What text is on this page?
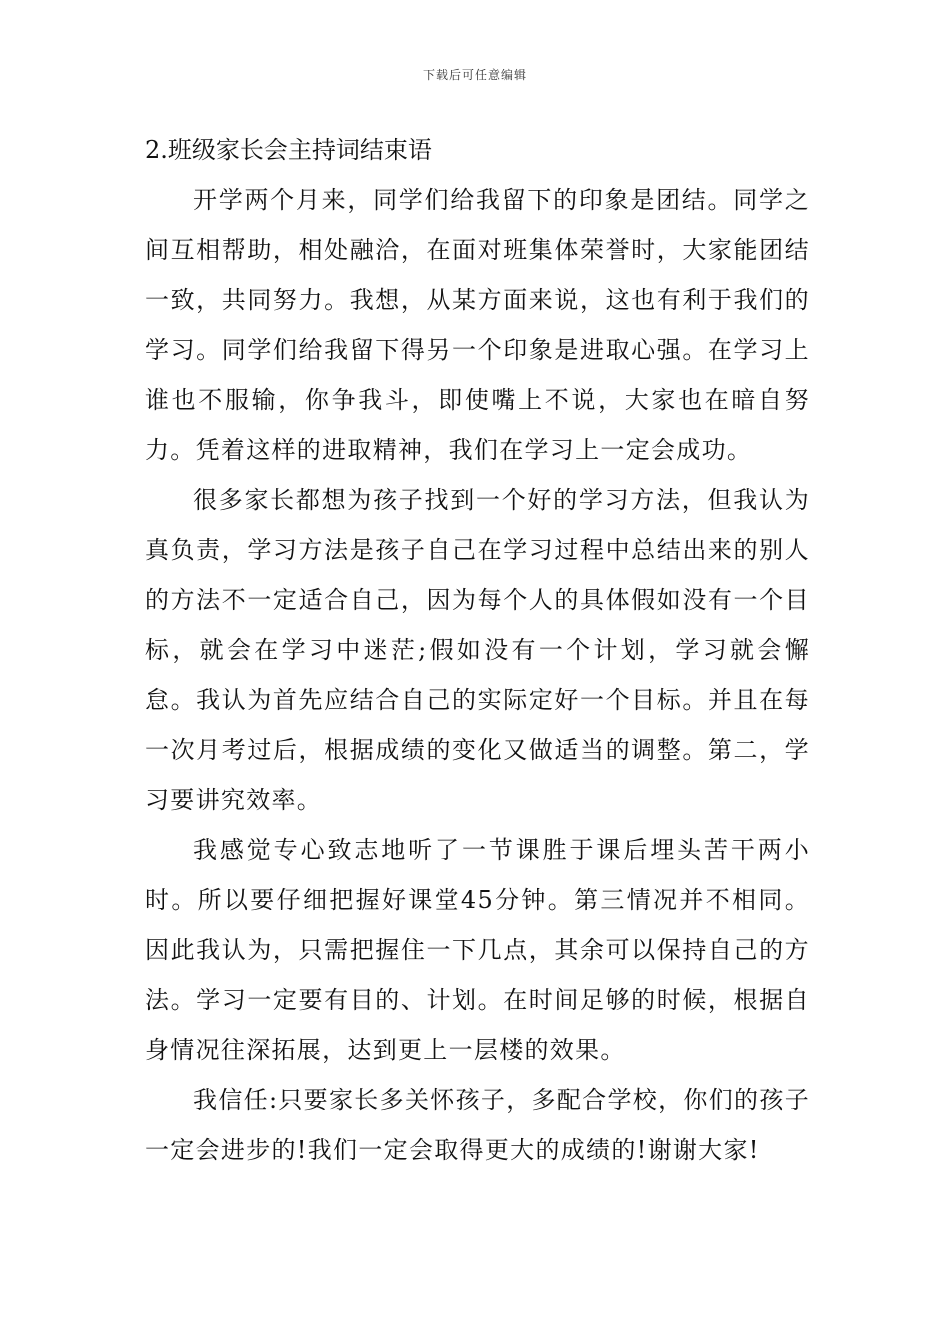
下载后可任意编辑
2.班级家长会主持词结束语

开学两个月来，同学们给我留下的印象是团结。同学之间互相帮助，相处融洽，在面对班集体荣誉时，大家能团结一致，共同努力。我想，从某方面来说，这也有利于我们的学习。同学们给我留下得另一个印象是进取心强。在学习上谁也不服输，你争我斗，即使嘴上不说，大家也在暗自努力。凭着这样的进取精神，我们在学习上一定会成功。

很多家长都想为孩子找到一个好的学习方法，但我认为真负责，学习方法是孩子自己在学习过程中总结出来的别人的方法不一定适合自己，因为每个人的具体假如没有一个目标，就会在学习中迷茫;假如没有一个计划，学习就会懈怠。我认为首先应结合自己的实际定好一个目标。并且在每一次月考过后，根据成绩的变化又做适当的调整。第二，学习要讲究效率。

我感觉专心致志地听了一节课胜于课后埋头苦干两小时。所以要仔细把握好课堂45分钟。第三情况并不相同。因此我认为，只需把握住一下几点，其余可以保持自己的方法。学习一定要有目的、计划。在时间足够的时候，根据自身情况往深拓展，达到更上一层楼的效果。

我信任:只要家长多关怀孩子，多配合学校，你们的孩子一定会进步的!我们一定会取得更大的成绩的!谢谢大家!
